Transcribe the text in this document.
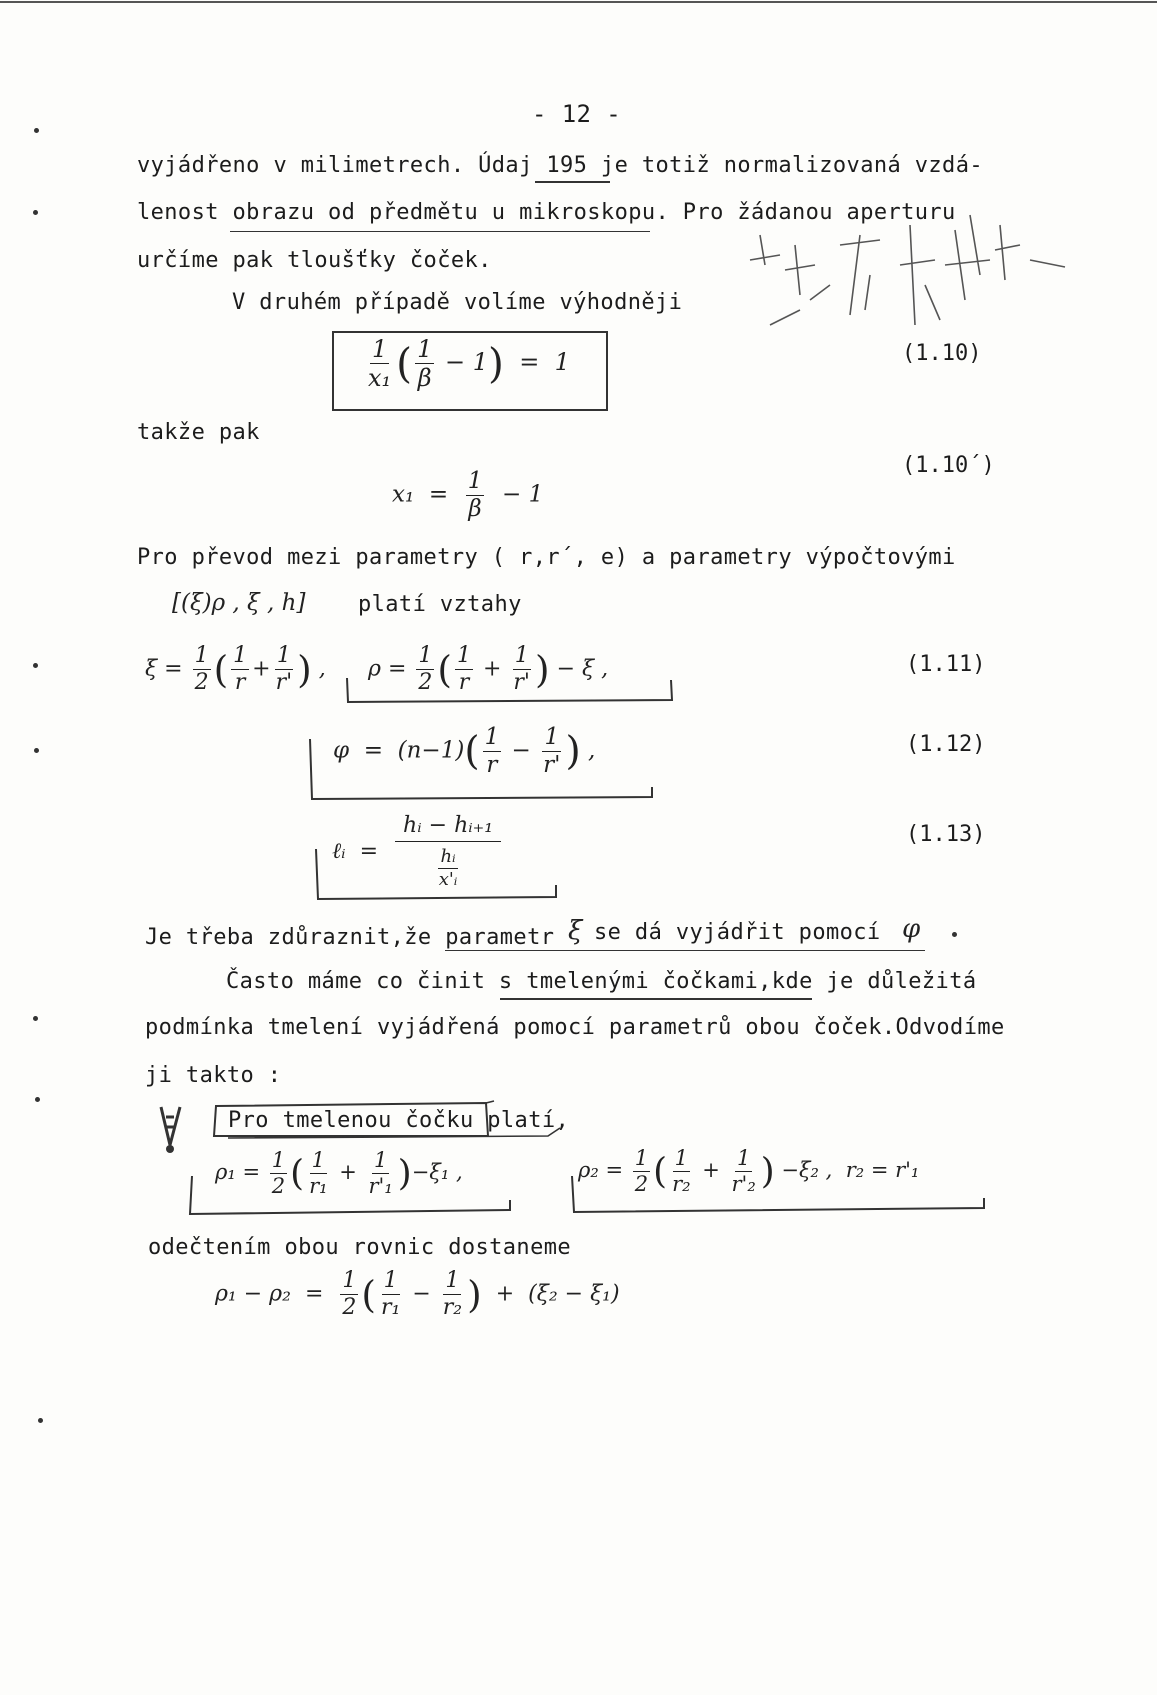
- 12 -
vyjádřeno v milimetrech. Údaj 195 je totiž normalizovaná vzdá-
lenost obrazu od předmětu u mikroskopu. Pro žádanou aperturu
určíme pak tloušťky čoček.
V druhém případě volíme výhodněji
$\frac{1}{\text{x₁}}$ ( $\frac{1}{\beta} - 1) = 1$	(1.10)
takže pak
(1.10´)
$x_1 = \frac{1}{\beta} - 1$
Pro převod mezi parametry ( r,r´, e) a parametry výpočtovými
[(ξ)ρ , ξ , h] platí vztahy
$\xi = \frac{1}{2}$ ( $\frac{1}{r} + \frac{1}{r'}$ ) , $\rho = \frac{1}{2}$ ( $\frac{1}{r} + \frac{1}{r'}$ ) − ξ ,	(1.11)
$\varphi = (n-1)( \frac{1}{r} - \frac{1}{r'}$ ) ,	(1.12)
ℓᵢ = $\frac{\text{hᵢ − hᵢ₊₁}}{\frac{\text{hᵢ}}{\text{x'ᵢ}}}$	(1.13)
Je třeba zdůraznit,že parametr ξ se dá vyjádřit pomocí φ
Často máme co činit s tmelenými čočkami,kde je důležitá
podmínka tmelení vyjádřená pomocí parametrů obou čoček.Odvodíme
ji takto :
Pro tmelenou čočku platí,
$\rho_1 = \frac{1}{2}$ ( $\frac{1}{\text{r₁}} + \frac{1}{\text{r'₁}} )-\xi_1$ ,	$\rho_2 = \frac{1}{2}$ ( $\frac{1}{\text{r₂}} + \frac{1}{\text{r'₂}}$ ) −ξ₂ ,  r₂ = r'₁
odečtením obou rovnic dostaneme
$\rho_1 - \rho_2 = \frac{1}{2}$ ( $\frac{1}{\text{r₁}} - \frac{1}{\text{r₂}}$ ) + (ξ₂ − ξ₁)
